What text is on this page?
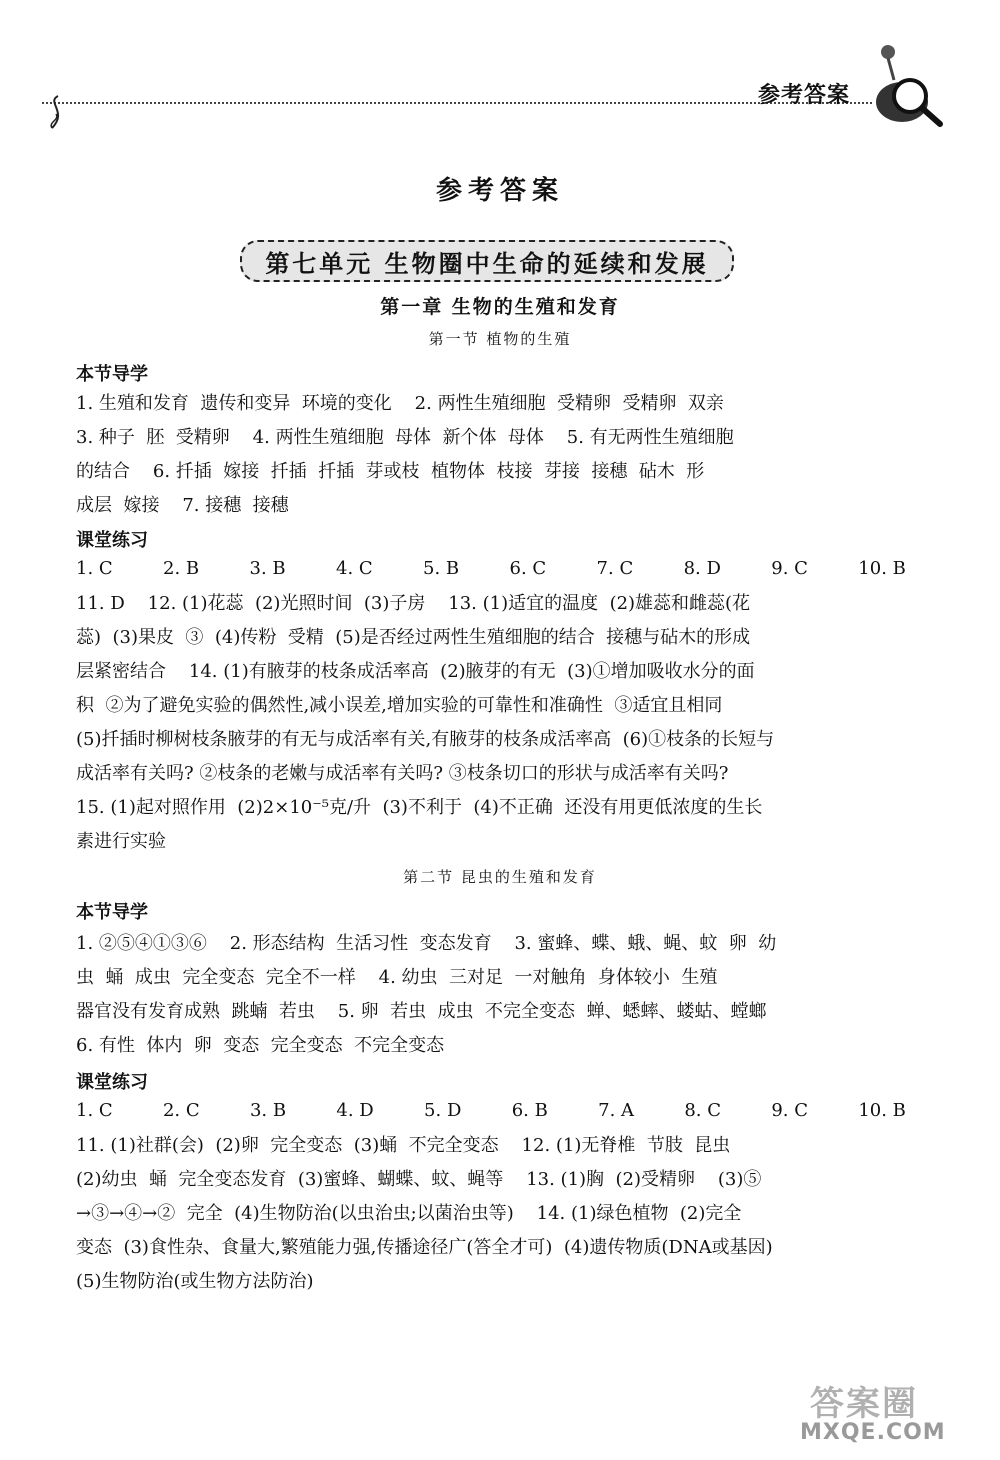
参考答案
参考答案
第七单元 生物圈中生命的延续和发展
第一章 生物的生殖和发育
第一节 植物的生殖
本节导学
1. 生殖和发育  遗传和变异  环境的变化    2. 两性生殖细胞  受精卵  受精卵  双亲
3. 种子  胚  受精卵    4. 两性生殖细胞  母体  新个体  母体    5. 有无两性生殖细胞
的结合    6. 扦插  嫁接  扦插  扦插  芽或枝  植物体  枝接  芽接  接穗  砧木  形
成层  嫁接    7. 接穗  接穗
课堂练习
1. C	2. B	3. B	4. C	5. B	6. C	7. C	8. D	9. C	10. B
11. D    12. (1)花蕊  (2)光照时间  (3)子房    13. (1)适宜的温度  (2)雄蕊和雌蕊(花
蕊)  (3)果皮  ③  (4)传粉  受精  (5)是否经过两性生殖细胞的结合  接穗与砧木的形成
层紧密结合    14. (1)有腋芽的枝条成活率高  (2)腋芽的有无  (3)①增加吸收水分的面
积  ②为了避免实验的偶然性,减小误差,增加实验的可靠性和准确性  ③适宜且相同
(5)扦插时柳树枝条腋芽的有无与成活率有关,有腋芽的枝条成活率高  (6)①枝条的长短与
成活率有关吗? ②枝条的老嫩与成活率有关吗? ③枝条切口的形状与成活率有关吗?
15. (1)起对照作用  (2)2×10⁻⁵克/升  (3)不利于  (4)不正确  还没有用更低浓度的生长
素进行实验
第二节 昆虫的生殖和发育
本节导学
1. ②⑤④①③⑥    2. 形态结构  生活习性  变态发育    3. 蜜蜂、蝶、蛾、蝇、蚊  卵  幼
虫  蛹  成虫  完全变态  完全不一样    4. 幼虫  三对足  一对触角  身体较小  生殖
器官没有发育成熟  跳蝻  若虫    5. 卵  若虫  成虫  不完全变态  蝉、蟋蟀、蝼蛄、螳螂
6. 有性  体内  卵  变态  完全变态  不完全变态
课堂练习
1. C	2. C	3. B	4. D	5. D	6. B	7. A	8. C	9. C	10. B
11. (1)社群(会)  (2)卵  完全变态  (3)蛹  不完全变态    12. (1)无脊椎  节肢  昆虫
(2)幼虫  蛹  完全变态发育  (3)蜜蜂、蝴蝶、蚊、蝇等    13. (1)胸  (2)受精卵    (3)⑤
→③→④→②  完全  (4)生物防治(以虫治虫;以菌治虫等)    14. (1)绿色植物  (2)完全
变态  (3)食性杂、食量大,繁殖能力强,传播途径广(答全才可)  (4)遗传物质(DNA或基因)
(5)生物防治(或生物方法防治)
答案圈
MXQE.COM
